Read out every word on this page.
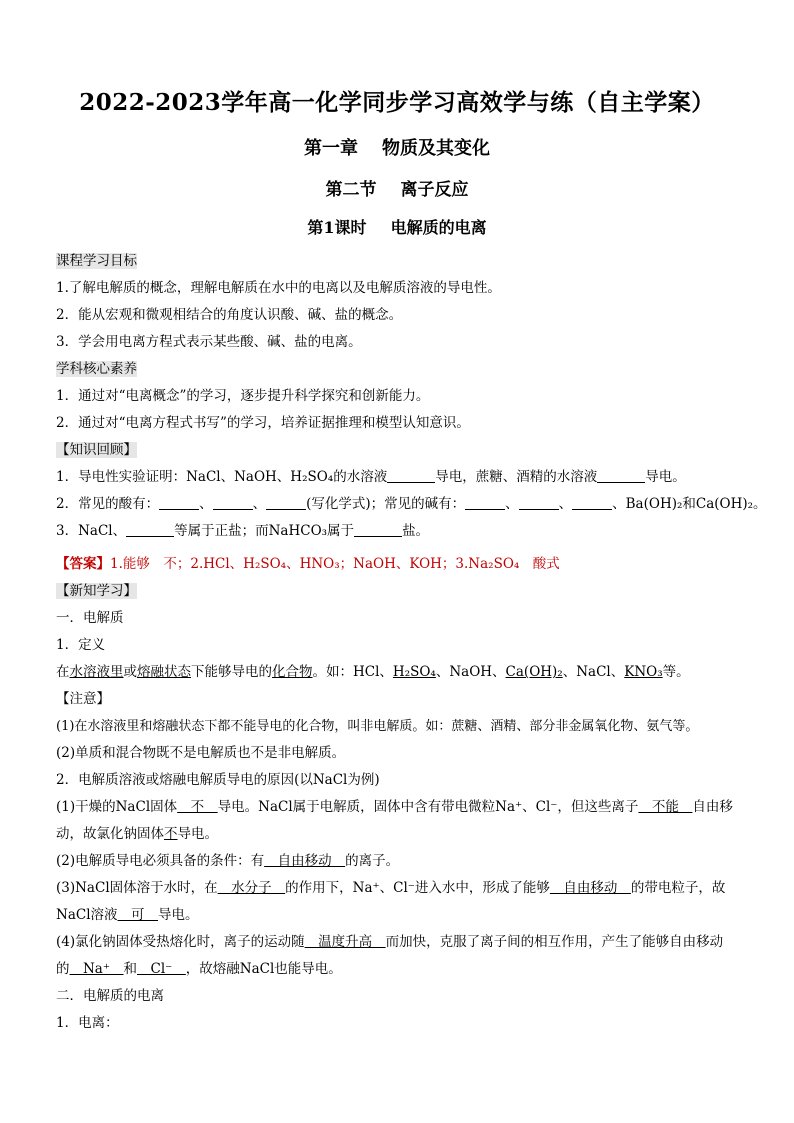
2022-2023学年高一化学同步学习高效学与练（自主学案）
第一章 物质及其变化
第二节 离子反应
第1课时 电解质的电离
课程学习目标
1.了解电解质的概念，理解电解质在水中的电离以及电解质溶液的导电性。
2．能从宏观和微观相结合的角度认识酸、碱、盐的概念。
3．学会用电离方程式表示某些酸、碱、盐的电离。
学科核心素养
1．通过对“电离概念”的学习，逐步提升科学探究和创新能力。
2．通过对“电离方程式书写”的学习，培养证据推理和模型认知意识。
【知识回顾】
1．导电性实验证明：NaCl、NaOH、H₂SO₄的水溶液	导电，蔗糖、酒精的水溶液	导电。
2．常见的酸有：	、	、	(写化学式)；常见的碱有：	、	、	、Ba(OH)₂和Ca(OH)₂。
3．NaCl、	等属于正盐；而NaHCO₃属于	盐。
【答案】1.能够　不；2.HCl、H₂SO₄、HNO₃；NaOH、KOH；3.Na₂SO₄　酸式
【新知学习】
一．电解质
1．定义
在水溶液里或熔融状态下能够导电的化合物。如：HCl、H₂SO₄、NaOH、Ca(OH)₂、NaCl、KNO₃等。
【注意】
(1)在水溶液里和熔融状态下都不能导电的化合物，叫非电解质。如：蔗糖、酒精、部分非金属氧化物、氨气等。
(2)单质和混合物既不是电解质也不是非电解质。
2．电解质溶液或熔融电解质导电的原因(以NaCl为例)
(1)干燥的NaCl固体　不　导电。NaCl属于电解质，固体中含有带电微粒Na⁺、Cl⁻，但这些离子　不能　自由移动，故氯化钠固体不导电。
(2)电解质导电必须具备的条件：有　自由移动　的离子。
(3)NaCl固体溶于水时，在　水分子　的作用下，Na⁺、Cl⁻进入水中，形成了能够　自由移动　的带电粒子，故NaCl溶液　可　导电。
(4)氯化钠固体受热熔化时，离子的运动随　温度升高　而加快，克服了离子间的相互作用，产生了能够自由移动的　Na⁺　和　Cl⁻　，故熔融NaCl也能导电。
二．电解质的电离
1．电离：
